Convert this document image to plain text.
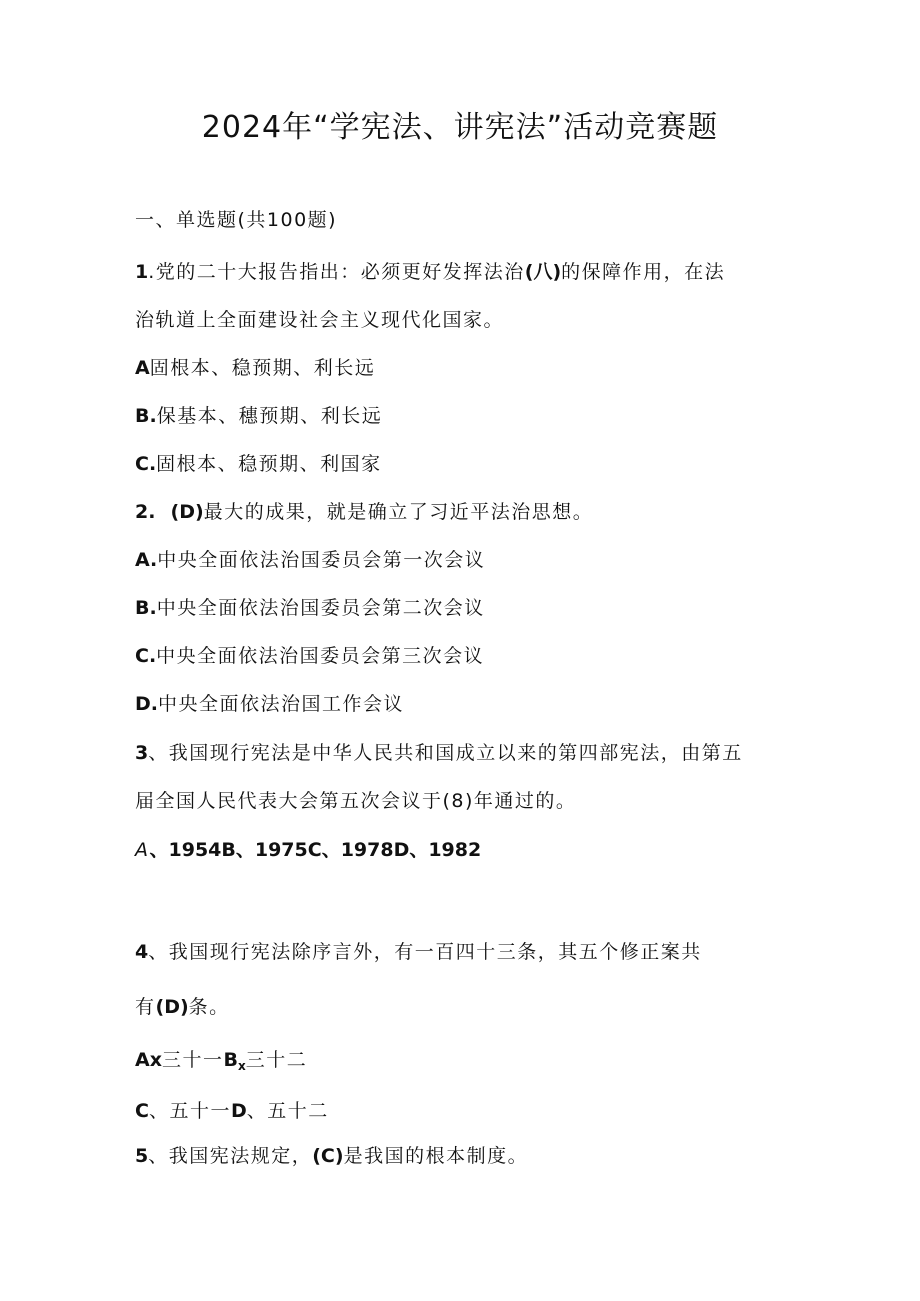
2024年“学宪法、讲宪法”活动竞赛题
一、单选题(共100题)
1.党的二十大报告指出：必须更好发挥法治(八)的保障作用，在法
治轨道上全面建设社会主义现代化国家。
A固根本、稳预期、利长远
B.保基本、穗预期、利长远
C.固根本、稳预期、利国家
2. (D)最大的成果，就是确立了习近平法治思想。
A.中央全面依法治国委员会第一次会议
B.中央全面依法治国委员会第二次会议
C.中央全面依法治国委员会第三次会议
D.中央全面依法治国工作会议
3、我国现行宪法是中华人民共和国成立以来的第四部宪法，由第五
届全国人民代表大会第五次会议于(8)年通过的。
A、1954B、1975C、1978D、1982
4、我国现行宪法除序言外，有一百四十三条，其五个修正案共
有(D)条。
Ax三十一$B_x$三十二
C、五十一D、五十二
5、我国宪法规定，(C)是我国的根本制度。
